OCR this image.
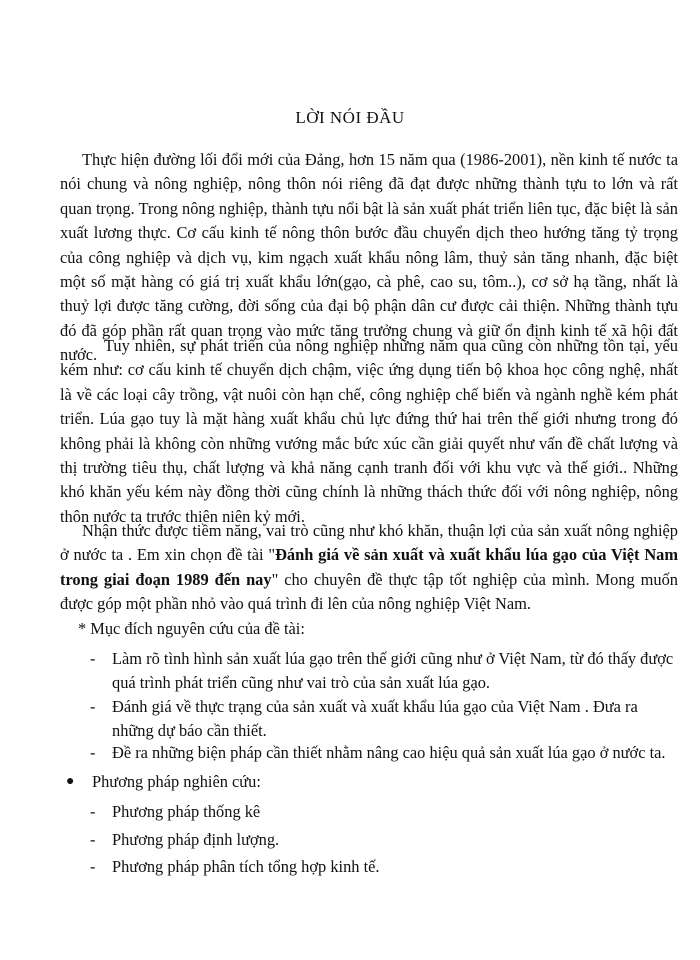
LỜI NÓI ĐẦU

Thực hiện đường lối đổi mới của Đảng, hơn 15 năm qua (1986-2001), nền kinh tế nước ta nói chung và nông nghiệp, nông thôn nói riêng đã đạt được những thành tựu to lớn và rất quan trọng. Trong nông nghiệp, thành tựu nổi bật là sản xuất phát triển liên tục, đặc biệt là sản xuất lương thực. Cơ cấu kinh tế nông thôn bước đầu chuyển dịch theo hướng tăng tỷ trọng của công nghiệp và dịch vụ, kim ngạch xuất khẩu nông lâm, thuỷ sản tăng nhanh, đặc biệt một số mặt hàng có giá trị xuất khẩu lớn(gạo, cà phê, cao su, tôm..), cơ sở hạ tầng, nhất là thuỷ lợi được tăng cường, đời sống của đại bộ phận dân cư được cải thiện. Những thành tựu đó đã góp phần rất quan trọng vào mức tăng trưởng chung và giữ ổn định kinh tế xã hội đất nước. Tuy nhiên, sự phát triển của nông nghiệp những năm qua cũng còn những tồn tại, yếu kém như: cơ cấu kinh tế chuyển dịch chậm, việc ứng dụng tiến bộ khoa học công nghệ, nhất là về các loại cây trồng, vật nuôi còn hạn chế, công nghiệp chế biến và ngành nghề kém phát triển. Lúa gạo tuy là mặt hàng xuất khẩu chủ lực đứng thứ hai trên thế giới nhưng trong đó không phải là không còn những vướng mắc bức xúc cần giải quyết như vấn đề chất lượng và thị trường tiêu thụ, chất lượng và khả năng cạnh tranh đối với khu vực và thế giới.. Những khó khăn yếu kém này đồng thời cũng chính là những thách thức đối với nông nghiệp, nông thôn nước ta trước thiên niên kỷ mới.

Nhận thức được tiềm năng, vai trò cũng như khó khăn, thuận lợi của sản xuất nông nghiệp ở nước ta . Em xin chọn đề tài "Đánh giá về sản xuất và xuất khẩu lúa gạo của Việt Nam trong giai đoạn 1989 đến nay" cho chuyên đề thực tập tốt nghiệp của mình. Mong muốn được góp một phần nhỏ vào quá trình đi lên của nông nghiệp Việt Nam.

* Mục đích nguyên cứu của đề tài:
- Làm rõ tình hình sản xuất lúa gạo trên thế giới cũng như ở Việt Nam, từ đó thấy được quá trình phát triển cũng như vai trò của sản xuất lúa gạo.
- Đánh giá về thực trạng của sản xuất và xuất khẩu lúa gạo của Việt Nam . Đưa ra những dự báo cần thiết.
- Đề ra những biện pháp cần thiết nhằm nâng cao hiệu quả sản xuất lúa gạo ở nước ta.
● Phương pháp nghiên cứu:
- Phương pháp thống kê
- Phương pháp định lượng.
- Phương pháp phân tích tổng hợp kinh tế.
